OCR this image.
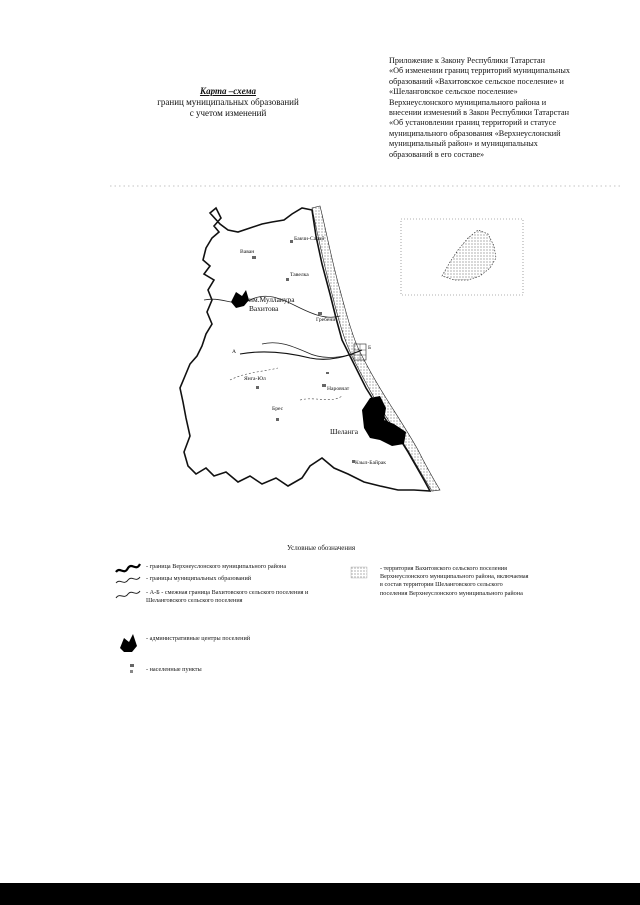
Карта –схема
границ муниципальных образований
с учетом изменений
Приложение к Закону Республики Татарстан
«Об изменении границ территорий муниципальных
образований «Вахитовское сельское поселение» и
«Шеланговское сельское поселение»
Верхнеуслонского муниципального района и
внесении изменений в Закон Республики Татарстан
«Об установлении границ территорий и статусе
муниципального образования «Верхнеуслонский
муниципальный район» и муниципальных
образований в его составе»
Ваван
Бакчи-Сарай
Тавелка
им.Мулланура Вахитова
Гребени
А
Б
Янга-Юл
Наровчат
Брес
Шеланга
Кзыл-Байрак
Условные обозначения
- граница Верхнеуслонского муниципального района
- границы муниципальных образований
- А-Б - смежная граница Вахитовского сельского поселения и Шеланговского сельского поселения
- административные центры поселений
- населенные пункты
- территория Вахитовского сельского поселения Верхнеуслонского муниципального района, включаемая в состав территории Шеланговского сельского поселения Верхнеуслонского муниципального района
